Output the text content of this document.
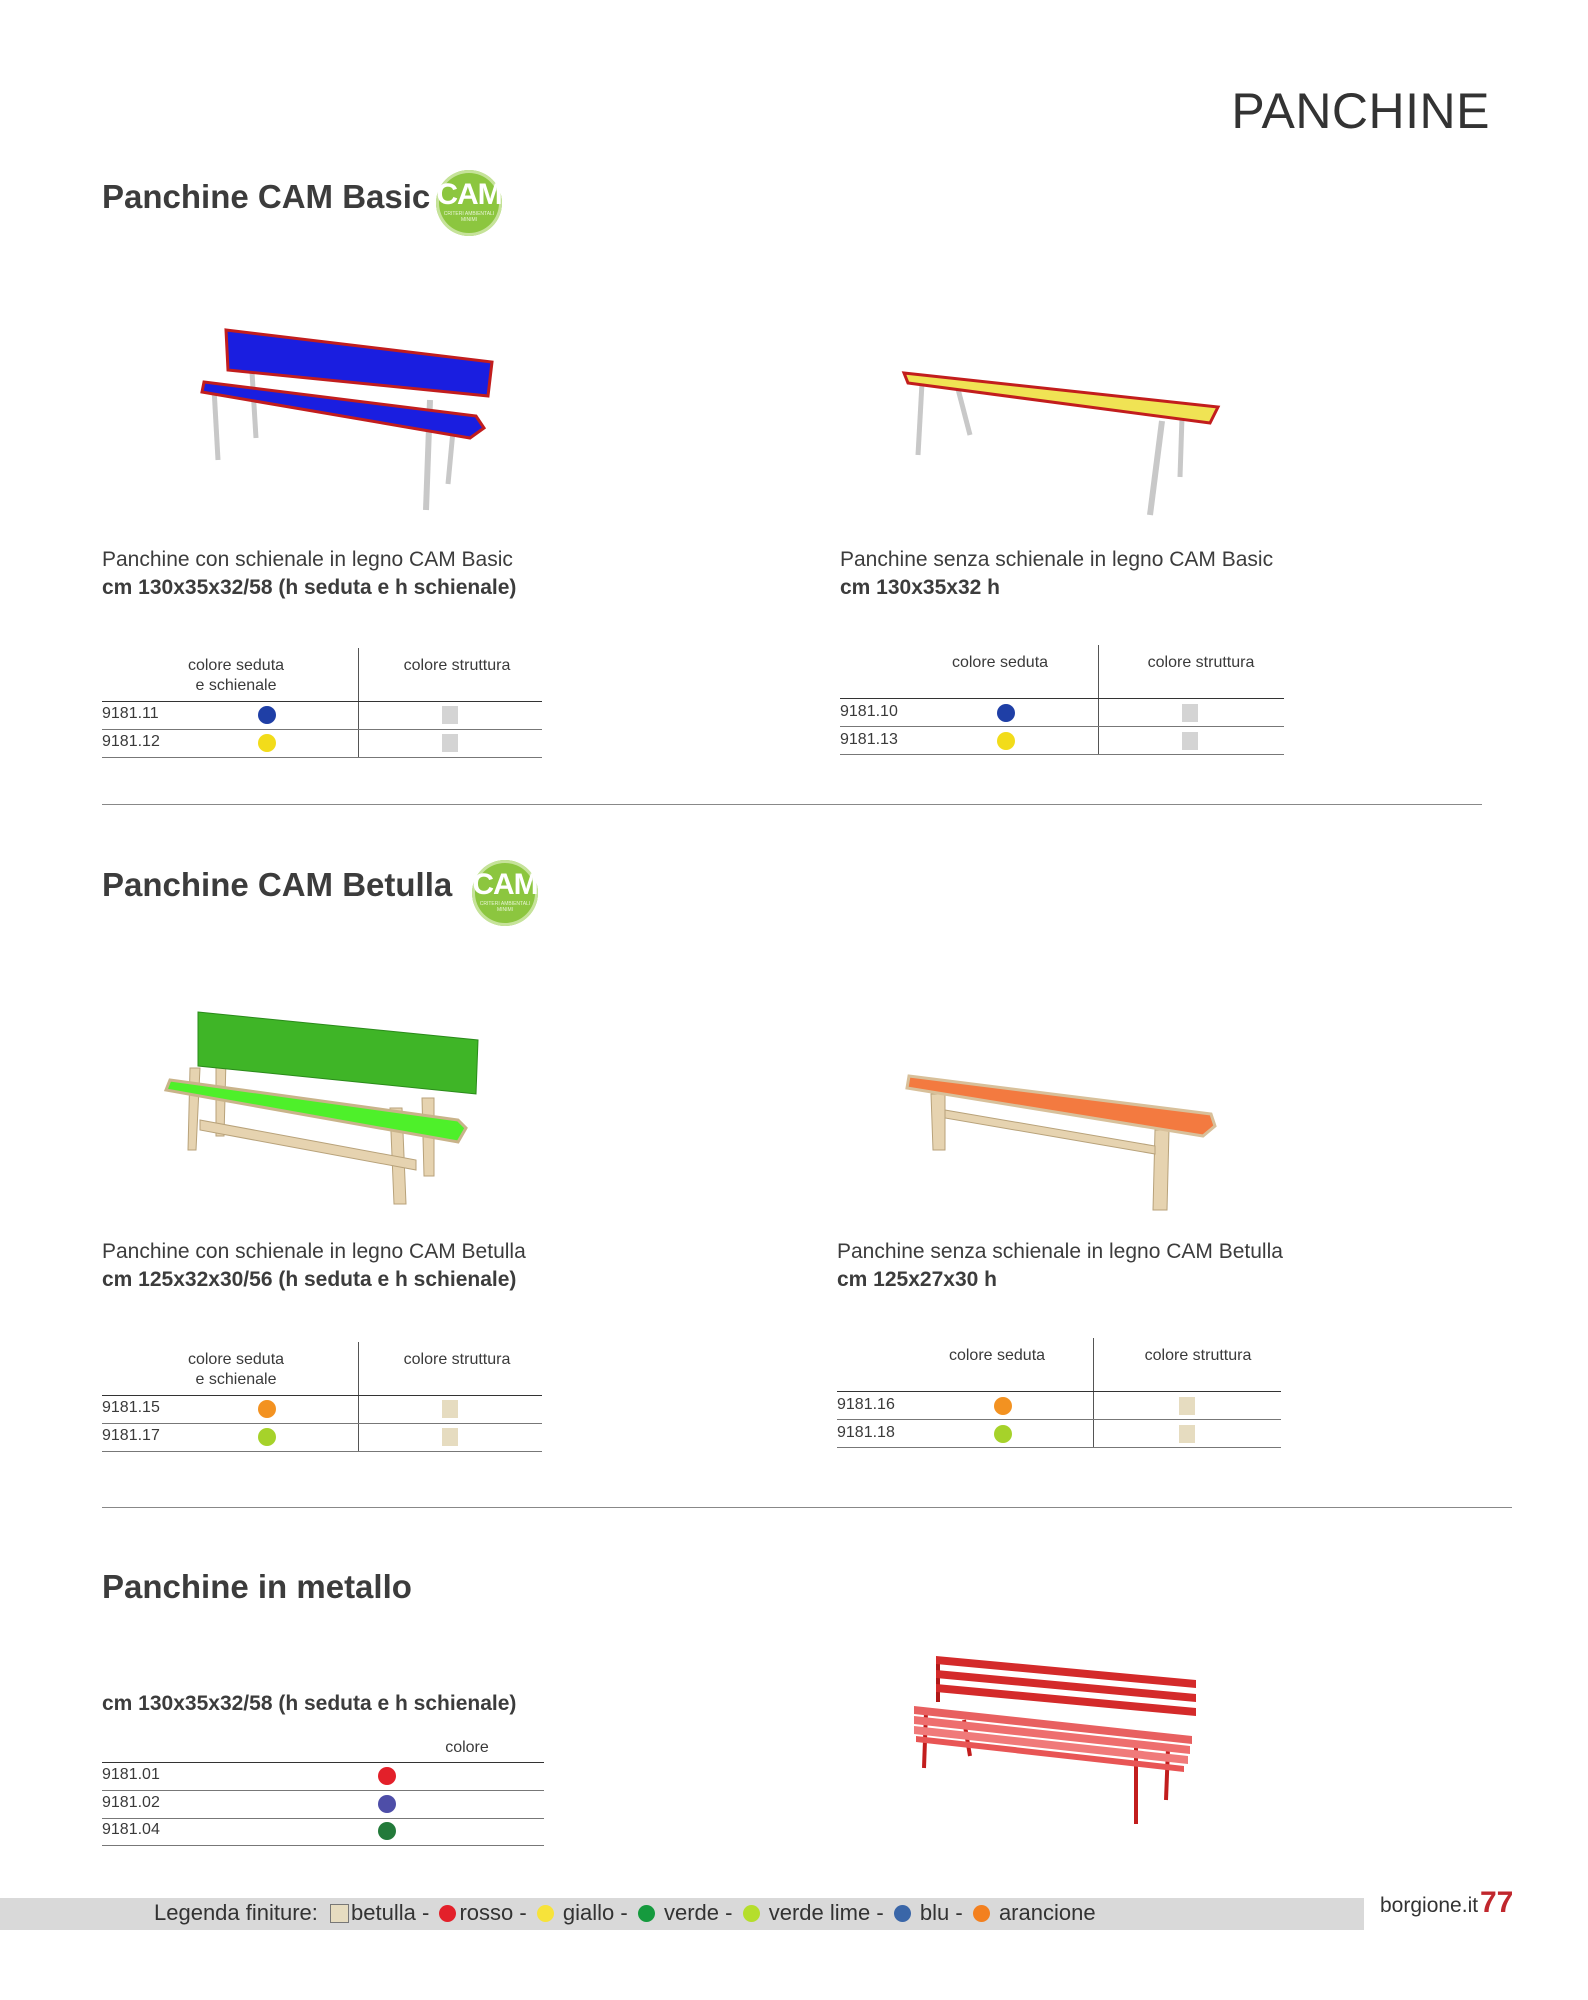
PANCHINE
Panchine CAM Basic CAM
CRITERI AMBIENTALI MINIMI
Panchine con schienale in legno CAM Basic
cm 130x35x32/58 (h seduta e h schienale)
Panchine senza schienale in legno CAM Basic
cm 130x35x32 h
colore seduta
e schienale
colore struttura
9181.11
9181.12
colore seduta	colore struttura
9181.10
9181.13
Panchine CAM Betulla CAM
CRITERI AMBIENTALI MINIMI
Panchine con schienale in legno CAM Betulla
cm 125x32x30/56 (h seduta e h schienale)
Panchine senza schienale in legno CAM Betulla
cm 125x27x30 h
colore seduta
e schienale
colore struttura
9181.15
9181.17
colore seduta	colore struttura
9181.16
9181.18
Panchine in metallo
cm 130x35x32/58 (h seduta e h schienale)
colore
9181.01
9181.02
9181.04
Legenda finiture: betulla - rosso -  giallo -  verde -  verde lime -  blu -  arancione	borgione.it 77
